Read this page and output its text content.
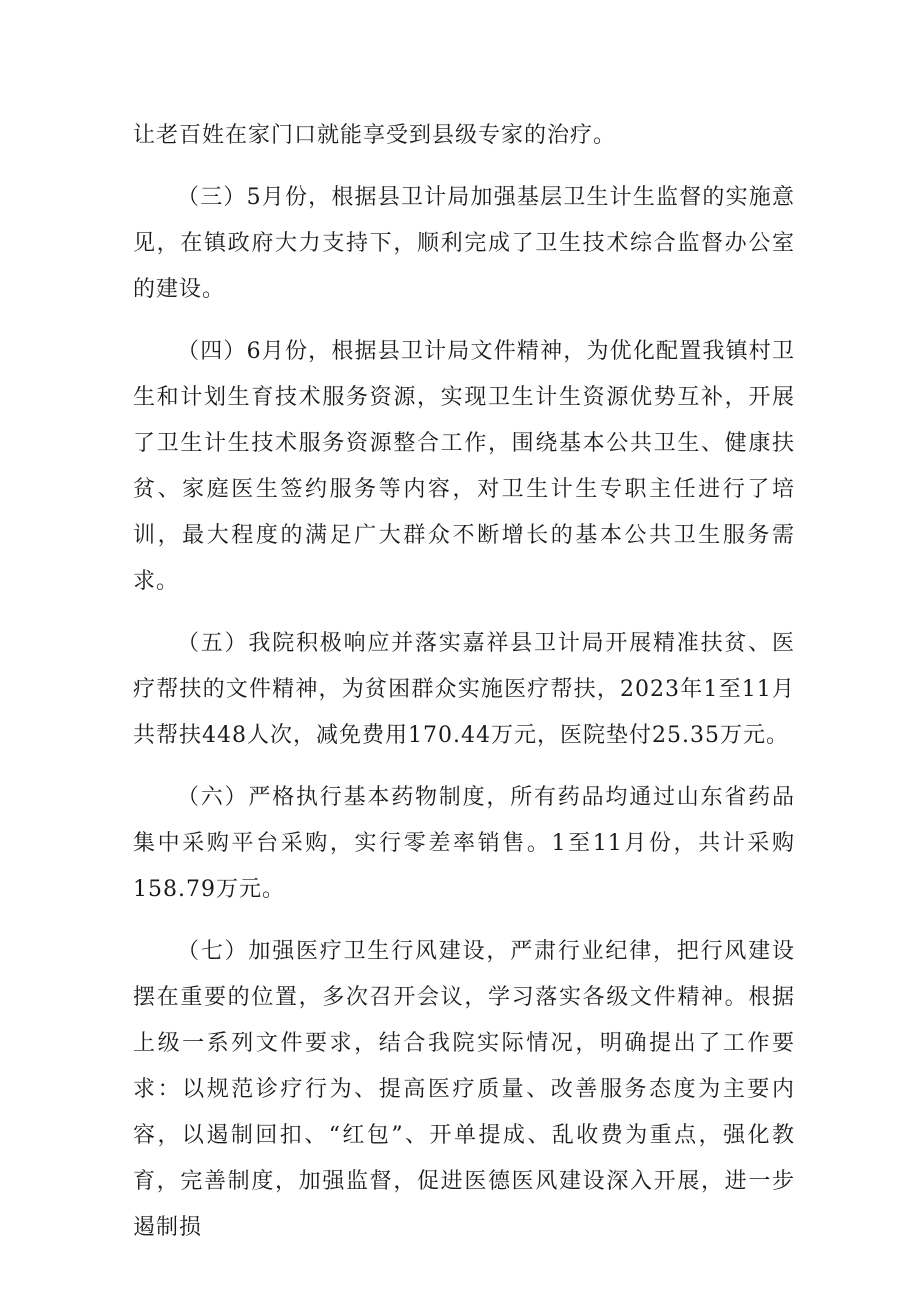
让老百姓在家门口就能享受到县级专家的治疗。

（三）5月份，根据县卫计局加强基层卫生计生监督的实施意见，在镇政府大力支持下，顺利完成了卫生技术综合监督办公室的建设。

（四）6月份，根据县卫计局文件精神，为优化配置我镇村卫生和计划生育技术服务资源，实现卫生计生资源优势互补，开展了卫生计生技术服务资源整合工作，围绕基本公共卫生、健康扶贫、家庭医生签约服务等内容，对卫生计生专职主任进行了培训，最大程度的满足广大群众不断增长的基本公共卫生服务需求。

（五）我院积极响应并落实嘉祥县卫计局开展精准扶贫、医疗帮扶的文件精神，为贫困群众实施医疗帮扶，2023年1至11月共帮扶448人次，减免费用170.44万元，医院垫付25.35万元。

（六）严格执行基本药物制度，所有药品均通过山东省药品集中采购平台采购，实行零差率销售。1至11月份，共计采购158.79万元。

（七）加强医疗卫生行风建设，严肃行业纪律，把行风建设摆在重要的位置，多次召开会议，学习落实各级文件精神。根据上级一系列文件要求，结合我院实际情况，明确提出了工作要求：以规范诊疗行为、提高医疗质量、改善服务态度为主要内容，以遏制回扣、“红包”、开单提成、乱收费为重点，强化教育，完善制度，加强监督，促进医德医风建设深入开展，进一步遏制损
